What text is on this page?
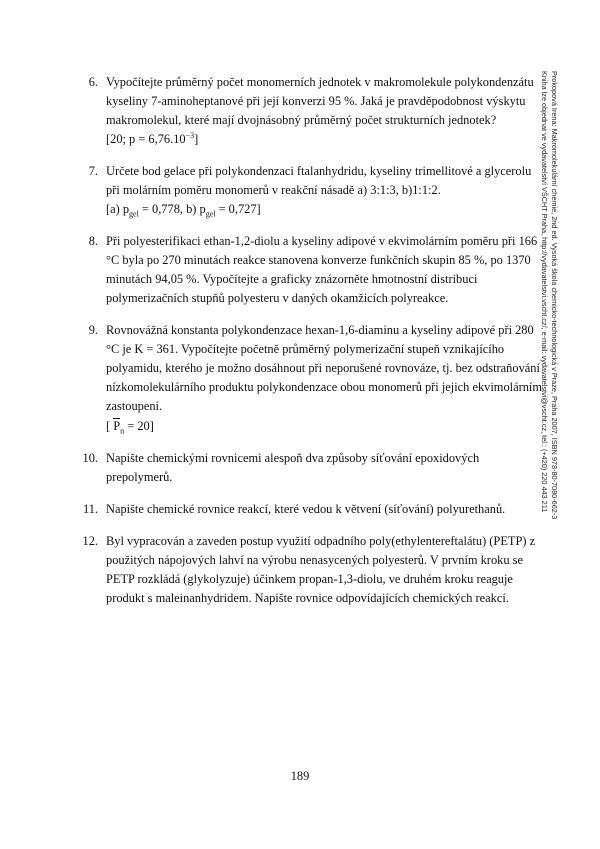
6. Vypočítejte průměrný počet monomerních jednotek v makromolekule polykondenzátu kyseliny 7-aminoheptanové při její konverzi 95 %. Jaká je pravděpodobnost výskytu makromolekul, které mají dvojnásobný průměrný počet strukturních jednotek?

[20; $p = 6,76.10^{-3}$]

7. Určete bod gelace při polykondenzaci ftalanhydridu, kyseliny trimellitové a glycerolu při molárním poměru monomerů v reakční násadě a) 3:1:3, b)1:1:2.

[a) $p_{gel} = 0,778$, b) $p_{gel} = 0,727$]

8. Při polyesterifikaci ethan-1,2-diolu a kyseliny adipové v ekvimolárním poměru při 166 °C byla po 270 minutách reakce stanovena konverze funkčních skupin 85 %, po 1370 minutách 94,05 %. Vypočítejte a graficky znázorněte hmotnostní distribuci polymerizačních stupňů polyesteru v daných okamžicích polyreakce.

9. Rovnovážná konstanta polykondenzace hexan-1,6-diaminu a kyseliny adipové při 280 °C je K = 361. Vypočítejte početně průměrný polymerizační stupeň vznikajícího polyamidu, kterého je možno dosáhnout při neporušené rovnováze, tj. bez odstraňování nízkomolekulárního produktu polykondenzace obou monomerů při jejich ekvimolárním zastoupení.

[ $P_n = 20$]

10. Napište chemickými rovnicemi alespoň dva způsoby síťování epoxidových prepolymerů.

11. Napište chemické rovnice reakcí, které vedou k větvení (síťování) polyurethanů.

12. Byl vypracován a zaveden postup využití odpadního poly(ethylentereftalátu) (PETP) z použitých nápojových lahví na výrobu nenasycených polyesterů. V prvním kroku se PETP rozkládá (glykolyzuje) účinkem propan-1,3-diolu, ve druhém kroku reaguje produkt s maleinanhydridem. Napište rovnice odpovídajících chemických reakcí.

189
Prokopová Irena: Makromolekulární chemie, 2nd ed. Vysoká škola chemicko-technologická v Praze, Praha 2007, ISBN 978-80-7080-662-3
Kniha lze objednat ve vydavatelství VŠCHT Praha, http://vydavatelstvi.vscht.cz/, e-mail: vydavatelstvi@vscht.cz, tel.: (+420) 220 443 211
